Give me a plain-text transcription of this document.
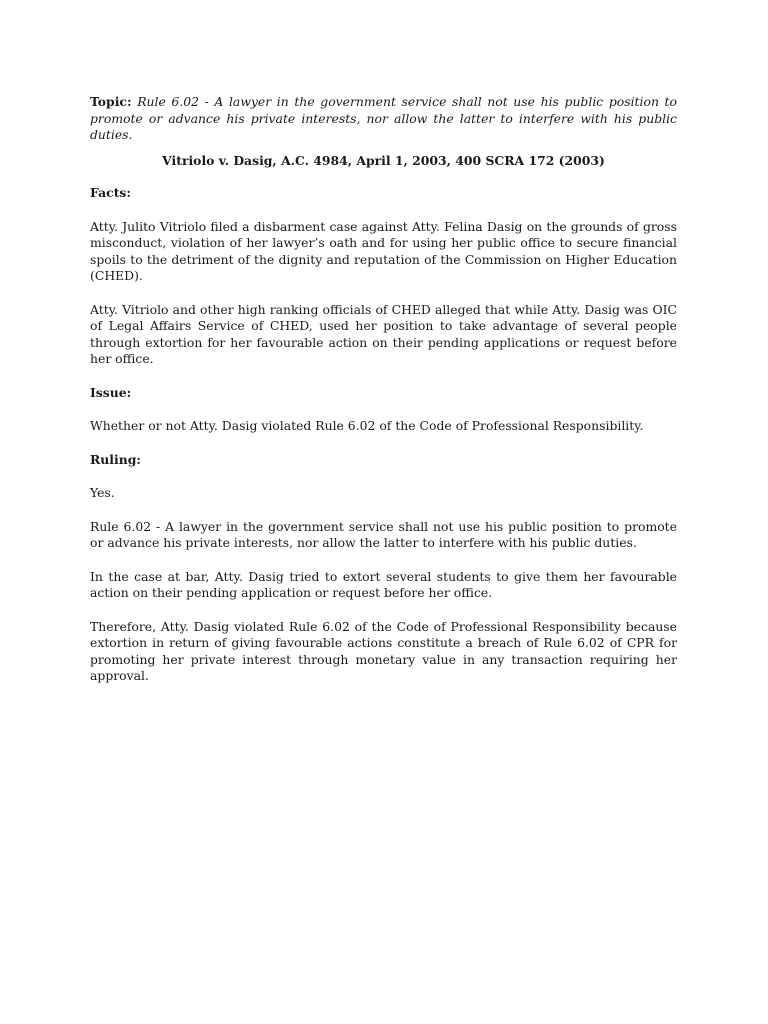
Topic: Rule 6.02 - A lawyer in the government service shall not use his public position to promote or advance his private interests, nor allow the latter to interfere with his public duties.

Vitriolo v. Dasig, A.C. 4984, April 1, 2003, 400 SCRA 172 (2003)

Facts:

Atty. Julito Vitriolo filed a disbarment case against Atty. Felina Dasig on the grounds of gross misconduct, violation of her lawyer’s oath and for using her public office to secure financial spoils to the detriment of the dignity and reputation of the Commission on Higher Education (CHED).

Atty. Vitriolo and other high ranking officials of CHED alleged that while Atty. Dasig was OIC of Legal Affairs Service of CHED, used her position to take advantage of several people through extortion for her favourable action on their pending applications or request before her office.

Issue:

Whether or not Atty. Dasig violated Rule 6.02 of the Code of Professional Responsibility.

Ruling:

Yes.

Rule 6.02 - A lawyer in the government service shall not use his public position to promote or advance his private interests, nor allow the latter to interfere with his public duties.

In the case at bar, Atty. Dasig tried to extort several students to give them her favourable action on their pending application or request before her office.

Therefore, Atty. Dasig violated Rule 6.02 of the Code of Professional Responsibility because extortion in return of giving favourable actions constitute a breach of Rule 6.02 of CPR for promoting her private interest through monetary value in any transaction requiring her approval.
